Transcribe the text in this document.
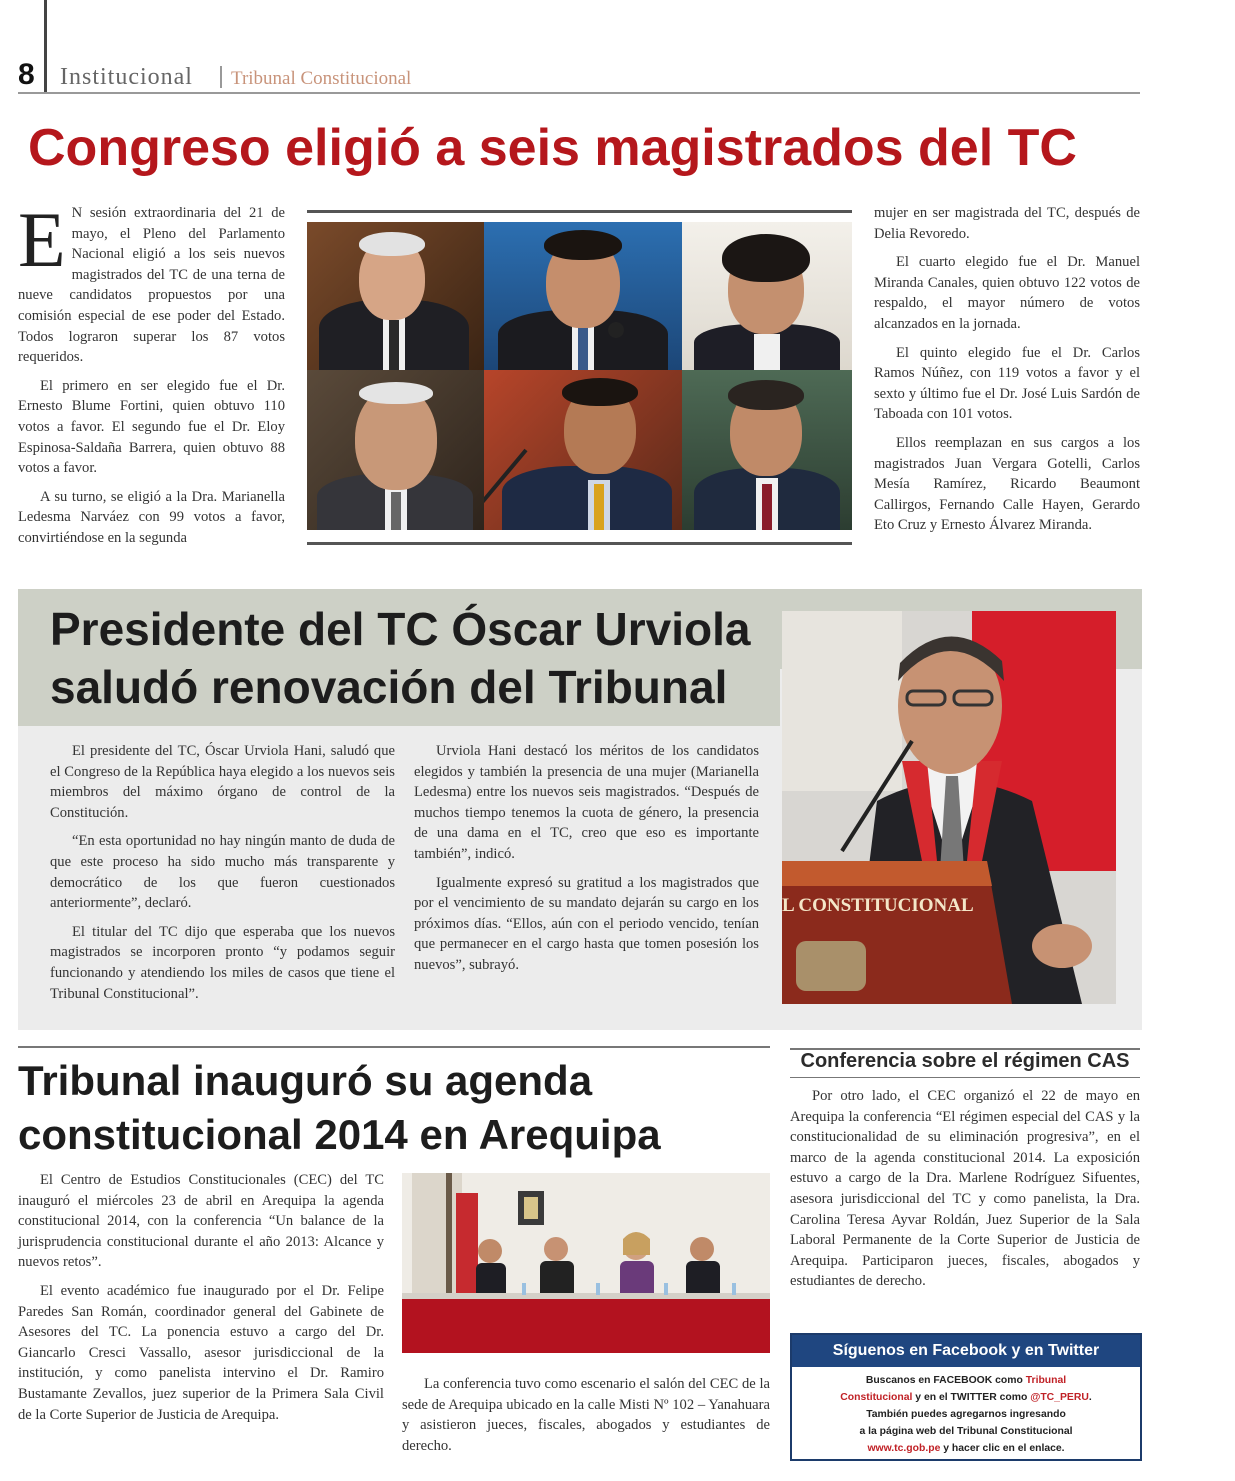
8 Institucional Tribunal Constitucional
Congreso eligió a seis magistrados del TC

E N sesión extraordinaria del 21 de mayo, el Pleno del Parlamento Nacional eligió a los seis nuevos magistrados del TC de una terna de nueve candidatos propuestos por una comisión especial de ese poder del Estado. Todos lograron superar los 87 votos requeridos.

El primero en ser elegido fue el Dr. Ernesto Blume Fortini, quien obtuvo 110 votos a favor. El segundo fue el Dr. Eloy Espinosa-Saldaña Barrera, quien obtuvo 88 votos a favor.

A su turno, se eligió a la Dra. Marianella Ledesma Narváez con 99 votos a favor, convirtiéndose en la segunda

mujer en ser magistrada del TC, después de Delia Revoredo.

El cuarto elegido fue el Dr. Manuel Miranda Canales, quien obtuvo 122 votos de respaldo, el mayor número de votos alcanzados en la jornada.

El quinto elegido fue el Dr. Carlos Ramos Núñez, con 119 votos a favor y el sexto y último fue el Dr. José Luis Sardón de Taboada con 101 votos.

Ellos reemplazan en sus cargos a los magistrados Juan Vergara Gotelli, Carlos Mesía Ramírez, Ricardo Beaumont Callirgos, Fernando Calle Hayen, Gerardo Eto Cruz y Ernesto Álvarez Miranda.

Presidente del TC Óscar Urviola
saludó renovación del Tribunal

El presidente del TC, Óscar Urviola Hani, saludó que el Congreso de la República haya elegido a los nuevos seis miembros del máximo órgano de control de la Constitución.

“En esta oportunidad no hay ningún manto de duda de que este proceso ha sido mucho más transparente y democrático de los que fueron cuestionados anteriormente”, declaró.

El titular del TC dijo que esperaba que los nuevos magistrados se incorporen pronto “y podamos seguir funcionando y atendiendo los miles de casos que tiene el Tribunal Constitucional”.

Urviola Hani destacó los méritos de los candidatos elegidos y también la presencia de una mujer (Marianella Ledesma) entre los nuevos seis magistrados. “Después de muchos tiempo tenemos la cuota de género, la presencia de una dama en el TC, creo que eso es importante también”, indicó.

Igualmente expresó su gratitud a los magistrados que por el vencimiento de su mandato dejarán su cargo en los próximos días. “Ellos, aún con el periodo vencido, tenían que permanecer en el cargo hasta que tomen posesión los nuevos”, subrayó.

L CONSTITUCIONAL
Tribunal inauguró su agenda
constitucional 2014 en Arequipa

El Centro de Estudios Constitucionales (CEC) del TC inauguró el miércoles 23 de abril en Arequipa la agenda constitucional 2014, con la conferencia “Un balance de la jurisprudencia constitucional durante el año 2013: Alcance y nuevos retos”.

El evento académico fue inaugurado por el Dr. Felipe Paredes San Román, coordinador general del Gabinete de Asesores del TC. La ponencia estuvo a cargo del Dr. Giancarlo Cresci Vassallo, asesor jurisdiccional de la institución, y como panelista intervino el Dr. Ramiro Bustamante Zevallos, juez superior de la Primera Sala Civil de la Corte Superior de Justicia de Arequipa.

La conferencia tuvo como escenario el salón del CEC de la sede de Arequipa ubicado en la calle Misti Nº 102 – Yanahuara y asistieron jueces, fiscales, abogados y estudiantes de derecho.

Conferencia sobre el régimen CAS

Por otro lado, el CEC organizó el 22 de mayo en Arequipa la conferencia “El régimen especial del CAS y la constitucionalidad de su eliminación progresiva”, en el marco de la agenda constitucional 2014. La exposición estuvo a cargo de la Dra. Marlene Rodríguez Sifuentes, asesora jurisdiccional del TC y como panelista, la Dra. Carolina Teresa Ayvar Roldán, Juez Superior de la Sala Laboral Permanente de la Corte Superior de Justicia de Arequipa. Participaron jueces, fiscales, abogados y estudiantes de derecho.

Síguenos en Facebook y en Twitter
Buscanos en FACEBOOK como Tribunal
Constitucional y en el TWITTER como @TC_PERU.
También puedes agregarnos ingresando
a la página web del Tribunal Constitucional
www.tc.gob.pe y hacer clic en el enlace.
